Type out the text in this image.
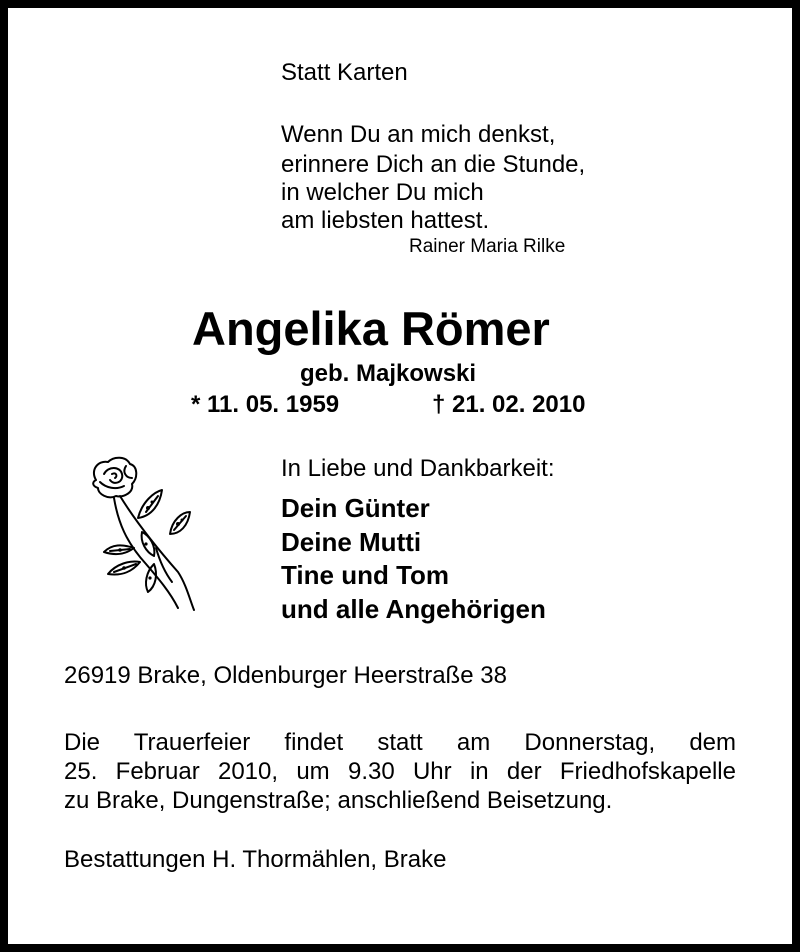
Statt Karten
Wenn Du an mich denkst,
erinnere Dich an die Stunde,
in welcher Du mich
am liebsten hattest.
Rainer Maria Rilke
Angelika Römer
geb. Majkowski
* 11. 05. 1959	† 21. 02. 2010
In Liebe und Dankbarkeit:
Dein Günter
Deine Mutti
Tine und Tom
und alle Angehörigen
26919 Brake, Oldenburger Heerstraße 38
Die Trauerfeier findet statt am Donnerstag, dem
25. Februar 2010, um 9.30 Uhr in der Friedhofskapelle
zu Brake, Dungenstraße; anschließend Beisetzung.
Bestattungen H. Thormählen, Brake
